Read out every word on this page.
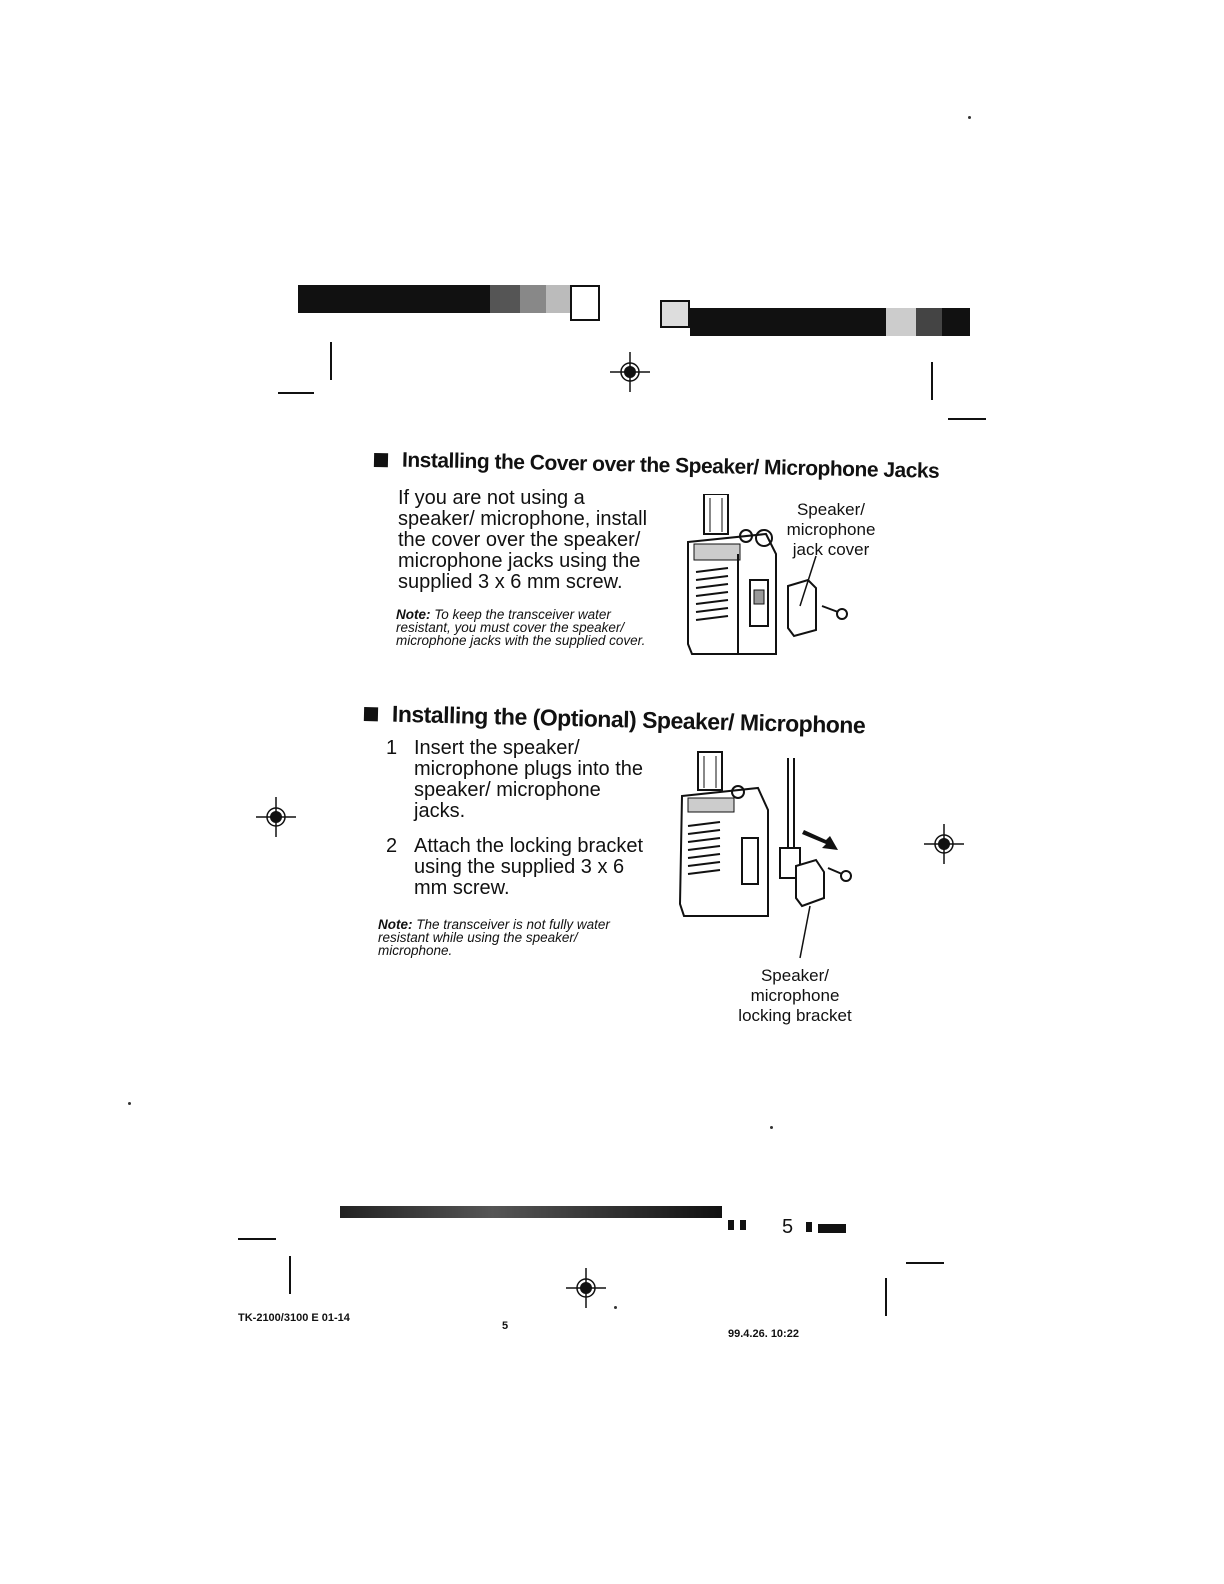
Installing the Cover over the Speaker/ Microphone Jacks
If you are not using a speaker/ microphone, install the cover over the speaker/ microphone jacks using the supplied 3 x 6 mm screw.
Note: To keep the transceiver water resistant, you must cover the speaker/ microphone jacks with the supplied cover.
Speaker/
microphone
jack cover
Installing the (Optional) Speaker/ Microphone
1 Insert the speaker/ microphone plugs into the speaker/ microphone jacks.
2 Attach the locking bracket using the supplied 3 x 6 mm screw.
Note: The transceiver is not fully water resistant while using the speaker/ microphone.
Speaker/
microphone
locking bracket
5
TK-2100/3100 E 01-14
5
99.4.26. 10:22
